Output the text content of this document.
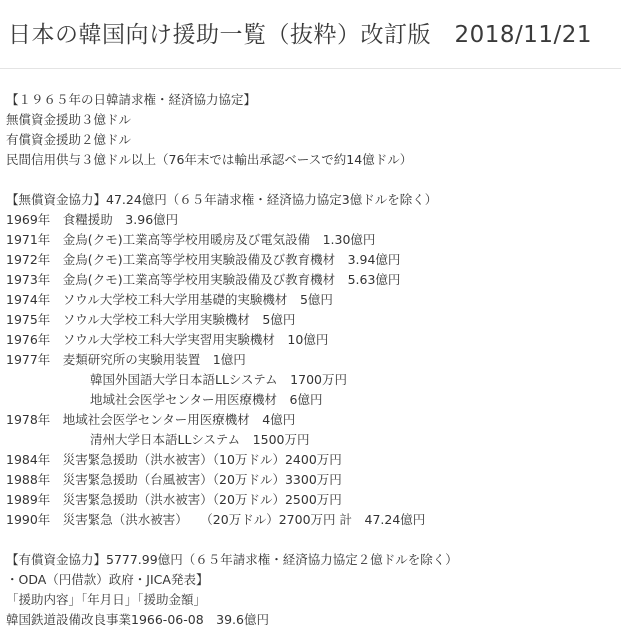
日本の韓国向け援助一覧（抜粋）改訂版　2018/11/21
【１９６５年の日韓請求権・経済協力協定】
無償資金援助３億ドル
有償資金援助２億ドル
民間信用供与３億ドル以上（76年末では輸出承認ベースで約14億ドル）
【無償資金協力】47.24億円（６５年請求権・経済協力協定3億ドルを除く）
1969年　食糧援助　3.96億円
1971年　金烏(クモ)工業高等学校用暖房及び電気設備　1.30億円
1972年　金烏(クモ)工業高等学校用実験設備及び教育機材　3.94億円
1973年　金烏(クモ)工業高等学校用実験設備及び教育機材　5.63億円
1974年　ソウル大学校工科大学用基礎的実験機材　5億円
1975年　ソウル大学校工科大学用実験機材　5億円
1976年　ソウル大学校工科大学実習用実験機材　10億円
1977年　麦類研究所の実験用装置　1億円
韓国外国語大学日本語LLシステム　1700万円
地域社会医学センター用医療機材　6億円
1978年　地域社会医学センター用医療機材　4億円
清州大学日本語LLシステム　1500万円
1984年　災害緊急援助（洪水被害）（10万ドル）2400万円
1988年　災害緊急援助（台風被害）（20万ドル）3300万円
1989年　災害緊急援助（洪水被害）（20万ドル）2500万円
1990年　災害緊急（洪水被害）　　（20万ドル）2700万円 計　47.24億円
【有償資金協力】5777.99億円（６５年請求権・経済協力協定２億ドルを除く）
・ODA（円借款）政府・JICA発表】
「援助内容」「年月日」「援助金額」
韓国鉄道設備改良事業1966-06-08　39.6億円
